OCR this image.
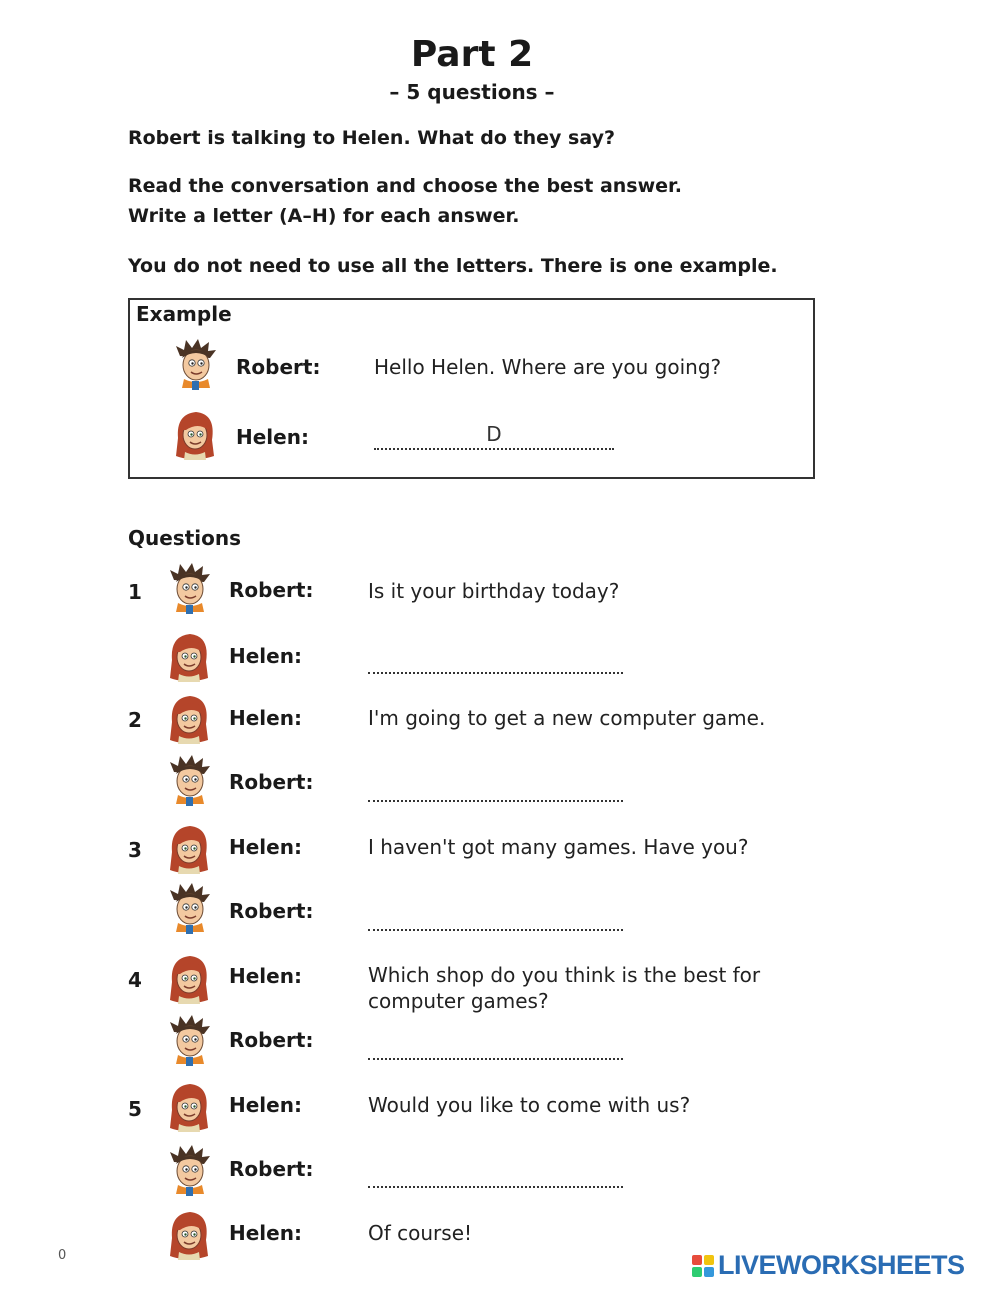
Part 2
– 5 questions –
Robert is talking to Helen. What do they say?
Read the conversation and choose the best answer.
Write a letter (A–H) for each answer.
You do not need to use all the letters. There is one example.
Example
Robert:	Hello Helen. Where are you going?
Helen:	D
Questions
1	Robert:	Is it your birthday today?
Helen:
2	Helen:	I'm going to get a new computer game.
Robert:
3	Helen:	I haven't got many games. Have you?
Robert:
4	Helen:	Which shop do you think is the best for
computer games?
Robert:
5	Helen:	Would you like to come with us?
Robert:
Helen:	Of course!
0	LIVEWORKSHEETS
